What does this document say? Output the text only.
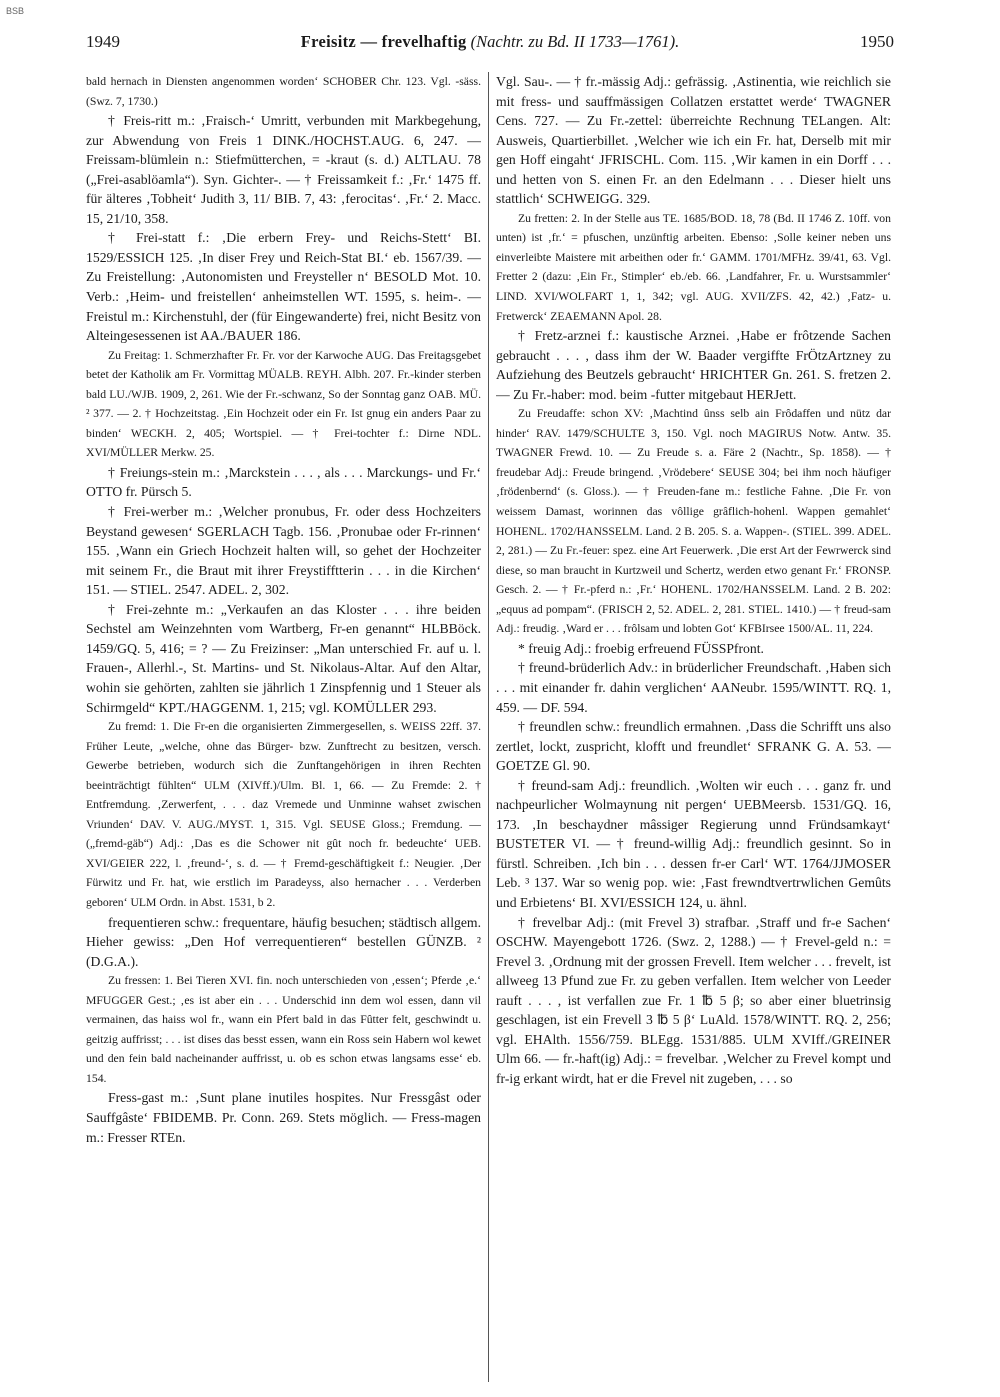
BSB
1949	Freisitz — frevelhaftig (Nachtr. zu Bd. II 1733—1761).	1950

bald hernach in Diensten angenommen worden‘ SCHOBER Chr. 123. Vgl. -säss. (Swz. 7, 1730.)

† Freis-ritt m.: ‚Fraisch-‘ Umritt, verbunden mit Markbegehung, zur Abwendung von Freis 1 DINK./HOCHST.AUG. 6, 247. — Freissam-blümlein n.: Stiefmütterchen, = -kraut (s. d.) ALTLAU. 78 („Frei-asablöamla“). Syn. Gichter-. — † Freissamkeit f.: ‚Fr.‘ 1475 ff. für älteres ‚Tobheit‘ Judith 3, 11/ BIB. 7, 43: ‚ferocitas‘. ‚Fr.‘ 2. Macc. 15, 21/10, 358.

† Frei-statt f.: ‚Die erbern Frey- und Reichs-Stett‘ BI. 1529/ESSICH 125. ‚In diser Frey und Reich-Stat BI.‘ eb. 1567/39. — Zu Freistellung: ‚Autonomisten und Freysteller n‘ BESOLD Mot. 10. Verb.: ‚Heim- und freistellen‘ anheimstellen WT. 1595, s. heim-. — Freistul m.: Kirchenstuhl, der (für Eingewanderte) frei, nicht Besitz von Alteingesessenen ist AA./BAUER 186.

Zu Freitag: 1. Schmerzhafter Fr. Fr. vor der Karwoche AUG. Das Freitagsgebet betet der Katholik am Fr. Vormittag MÜALB. REYH. Albh. 207. Fr.-kinder sterben bald LU./WJB. 1909, 2, 261. Wie der Fr.-schwanz, So der Sonntag ganz OAB. MÜ. ² 377. — 2. † Hochzeitstag. ‚Ein Hochzeit oder ein Fr. Ist gnug ein anders Paar zu binden‘ WECKH. 2, 405; Wortspiel. — † Frei-tochter f.: Dirne NDL. XVI/MÜLLER Merkw. 25.

† Freiungs-stein m.: ‚Marckstein . . . , als . . . Marckungs- und Fr.‘ OTTO fr. Pürsch 5.

† Frei-werber m.: ‚Welcher pronubus, Fr. oder dess Hochzeiters Beystand gewesen‘ SGERLACH Tagb. 156. ‚Pronubae oder Fr-rinnen‘ 155. ‚Wann ein Griech Hochzeit halten will, so gehet der Hochzeiter mit seinem Fr., die Braut mit ihrer Freystifftterin . . . in die Kirchen‘ 151. — STIEL. 2547. ADEL. 2, 302.

† Frei-zehnte m.: „Verkaufen an das Kloster . . . ihre beiden Sechstel am Weinzehnten vom Wartberg, Fr-en genannt“ HLBBöck. 1459/GQ. 5, 416; = ? — Zu Freizinser: „Man unterschied Fr. auf u. l. Frauen-, Allerhl.-, St. Martins- und St. Nikolaus-Altar. Auf den Altar, wohin sie gehörten, zahlten sie jährlich 1 Zinspfennig und 1 Steuer als Schirmgeld“ KPT./HAGGENM. 1, 215; vgl. KOMÜLLER 293.

Zu fremd: 1. Die Fr-en die organisierten Zimmergesellen, s. WEISS 22ff. 37. Früher Leute, „welche, ohne das Bürger- bzw. Zunftrecht zu besitzen, versch. Gewerbe betrieben, wodurch sich die Zunftangehörigen in ihren Rechten beeinträchtigt fühlten“ ULM (XIVff.)/Ulm. Bl. 1, 66. — Zu Fremde: 2. † Entfremdung. ‚Zerwerfent, . . . daz Vremede und Unminne wahset zwischen Vriunden‘ DAV. V. AUG./MYST. 1, 315. Vgl. SEUSE Gloss.; Fremdung. — („fremd-gäb“) Adj.: ‚Das es die Schower nit gût noch fr. bedeuchte‘ UEB. XVI/GEIER 222, l. ‚freund-‘, s. d. — † Fremd-geschäftigkeit f.: Neugier. ‚Der Fürwitz und Fr. hat, wie erstlich im Paradeyss, also hernacher . . . Verderben geboren‘ ULM Ordn. in Abst. 1531, b 2.

frequentieren schw.: frequentare, häufig besuchen; städtisch allgem. Hieher gewiss: „Den Hof verrequentieren“ bestellen GÜNZB. ² (D.G.A.).

Zu fressen: 1. Bei Tieren XVI. fin. noch unterschieden von ‚essen‘; Pferde ‚e.‘ MFUGGER Gest.; ‚es ist aber ein . . . Underschid inn dem wol essen, dann vil vermainen, das haiss wol fr., wann ein Pfert bald in das Fûtter felt, geschwindt u. geitzig auffrisst; . . . ist dises das besst essen, wann ein Ross sein Habern wol kewet und den fein bald nacheinander auffrisst, u. ob es schon etwas langsams esse‘ eb. 154.

Fress-gast m.: ‚Sunt plane inutiles hospites. Nur Fressgâst oder Sauffgâste‘ FBIDEMB. Pr. Conn. 269. Stets möglich. — Fress-magen m.: Fresser RTEn.

Vgl. Sau-. — † fr.-mässig Adj.: gefrässig. ‚Astinentia, wie reichlich sie mit fress- und sauffmässigen Collatzen erstattet werde‘ TWAGNER Cens. 727. — Zu Fr.-zettel: überreichte Rechnung TELangen. Alt: Ausweis, Quartierbillet. ‚Welcher wie ich ein Fr. hat, Derselb mit mir gen Hoff eingaht‘ JFRISCHL. Com. 115. ‚Wir kamen in ein Dorff . . . und hetten von S. einen Fr. an den Edelmann . . . Dieser hielt uns stattlich‘ SCHWEIGG. 329.

Zu fretten: 2. In der Stelle aus TE. 1685/BOD. 18, 78 (Bd. II 1746 Z. 10ff. von unten) ist ‚fr.‘ = pfuschen, unzünftig arbeiten. Ebenso: ‚Solle keiner neben uns einverleibte Maistere mit arbeithen oder fr.‘ GAMM. 1701/MFHz. 39/41, 63. Vgl. Fretter 2 (dazu: ‚Ein Fr., Stimpler‘ eb./eb. 66. ‚Landfahrer, Fr. u. Wurstsammler‘ LIND. XVI/WOLFART 1, 1, 342; vgl. AUG. XVII/ZFS. 42, 42.) ‚Fatz- u. Fretwerck‘ ZEAEMANN Apol. 28.

† Fretz-arznei f.: kaustische Arznei. ‚Habe er frôtzende Sachen gebraucht . . . , dass ihm der W. Baader vergiffte FrÖtzArtzney zu Aufziehung des Beutzels gebraucht‘ HRICHTER Gn. 261. S. fretzen 2. — Zu Fr.-haber: mod. beim -futter mitgebaut HERJett.

Zu Freudaffe: schon XV: ‚Machtind ûnss selb ain Frôdaffen und nütz dar hinder‘ RAV. 1479/SCHULTE 3, 150. Vgl. noch MAGIRUS Notw. Antw. 35. TWAGNER Frewd. 10. — Zu Freude s. a. Färe 2 (Nachtr., Sp. 1858). — † freudebar Adj.: Freude bringend. ‚Vrödebere‘ SEUSE 304; bei ihm noch häufiger ‚frödenbernd‘ (s. Gloss.). — † Freuden-fane m.: festliche Fahne. ‚Die Fr. von weissem Damast, worinnen das vôllige grâflich-hohenl. Wappen gemahlet‘ HOHENL. 1702/HANSSELM. Land. 2 B. 205. S. a. Wappen-. (STIEL. 399. ADEL. 2, 281.) — Zu Fr.-feuer: spez. eine Art Feuerwerk. ‚Die erst Art der Fewrwerck sind diese, so man braucht in Kurtzweil und Schertz, werden etwo genant Fr.‘ FRONSP. Gesch. 2. — † Fr.-pferd n.: ‚Fr.‘ HOHENL. 1702/HANSSELM. Land. 2 B. 202: „equus ad pompam“. (FRISCH 2, 52. ADEL. 2, 281. STIEL. 1410.) — † freud-sam Adj.: freudig. ‚Ward er . . . frôlsam und lobten Got‘ KFBIrsee 1500/AL. 11, 224.

* freuig Adj.: froebig erfreuend FÜSSPfront.

† freund-brüderlich Adv.: in brüderlicher Freundschaft. ‚Haben sich . . . mit einander fr. dahin verglichen‘ AANeubr. 1595/WINTT. RQ. 1, 459. — DF. 594.

† freundlen schw.: freundlich ermahnen. ‚Dass die Schrifft uns also zertlet, lockt, zuspricht, klofft und freundlet‘ SFRANK G. A. 53. — GOETZE Gl. 90.

† freund-sam Adj.: freundlich. ‚Wolten wir euch . . . ganz fr. und nachpeurlicher Wolmaynung nit pergen‘ UEBMeersb. 1531/GQ. 16, 173. ‚In beschaydner mâssiger Regierung unnd Fründsamkayt‘ BUSTETER VI. — † freund-willig Adj.: freundlich gesinnt. So in fürstl. Schreiben. ‚Ich bin . . . dessen fr-er Carl‘ WT. 1764/JJMOSER Leb. ³ 137. War so wenig pop. wie: ‚Fast frewndtvertrwlichen Gemûts und Erbietens‘ BI. XVI/ESSICH 124, u. ähnl.

† frevelbar Adj.: (mit Frevel 3) strafbar. ‚Straff und fr-e Sachen‘ OSCHW. Mayengebott 1726. (Swz. 2, 1288.) — † Frevel-geld n.: = Frevel 3. ‚Ordnung mit der grossen Frevell. Item welcher . . . frevelt, ist allweeg 13 Pfund zue Fr. zu geben verfallen. Item welcher von Leeder rauft . . . , ist verfallen zue Fr. 1 ℔ 5 β; so aber einer bluetrinsig geschlagen, ist ein Frevell 3 ℔ 5 β‘ LuAld. 1578/WINTT. RQ. 2, 256; vgl. EHAlth. 1556/759. BLEgg. 1531/885. ULM XVIff./GREINER Ulm 66. — fr.-haft(ig) Adj.: = frevelbar. ‚Welcher zu Frevel kompt und fr-ig erkant wirdt, hat er die Frevel nit zugeben, . . . so
